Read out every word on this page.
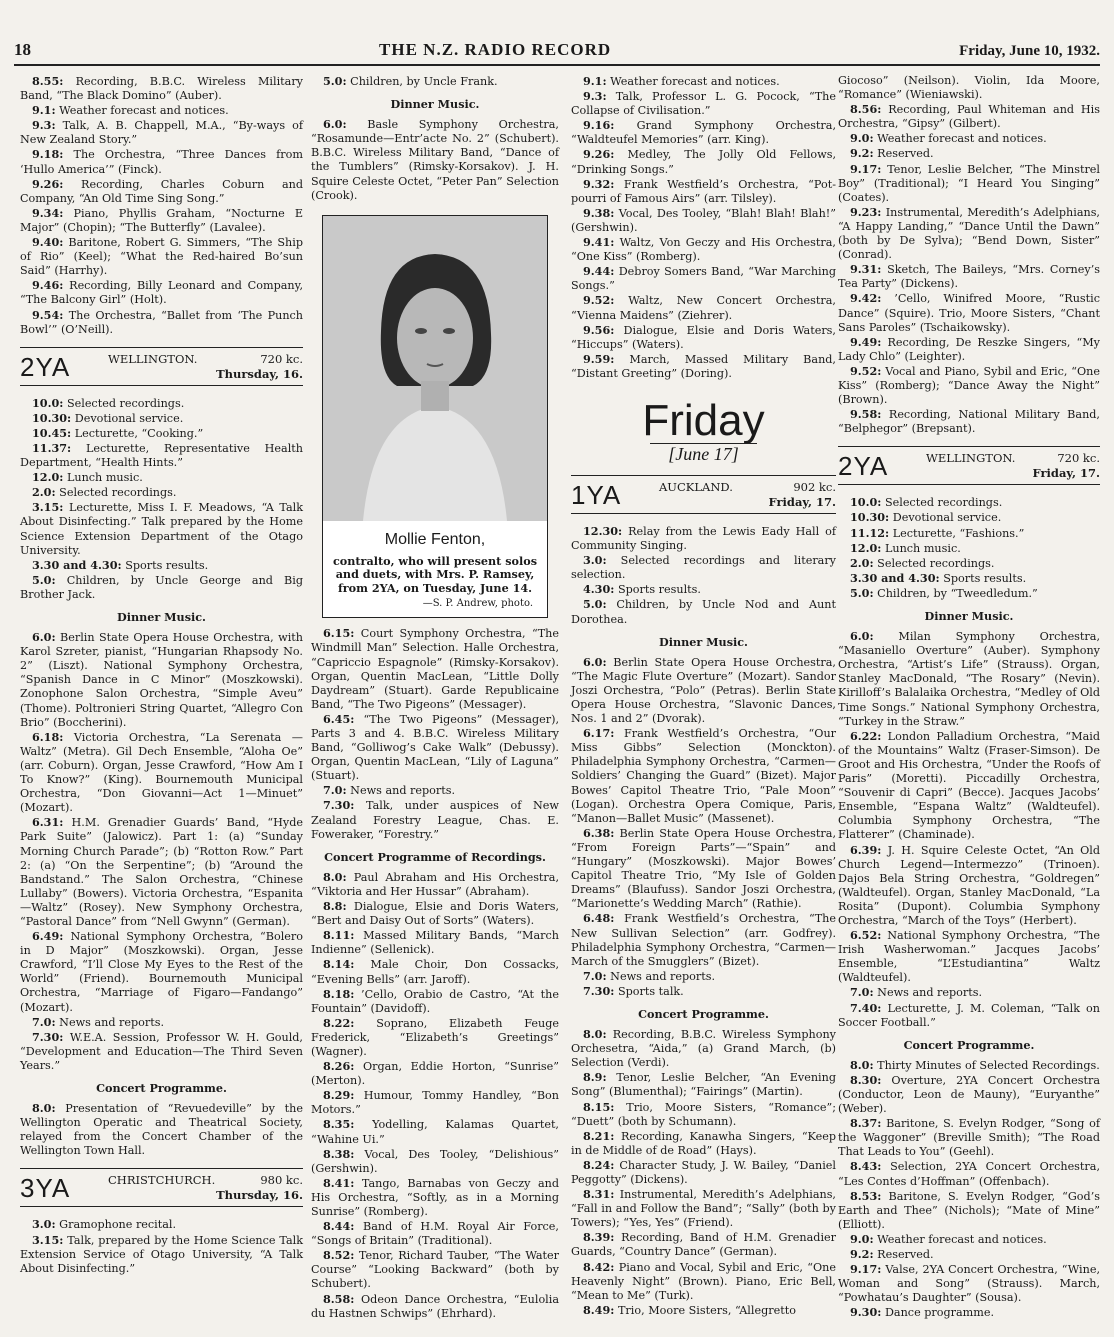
18	THE N.Z. RADIO RECORD	Friday, June 10, 1932.
8.55: Recording, B.B.C. Wireless Military Band, “The Black Domino” (Auber).
9.1: Weather forecast and notices.
9.3: Talk, A. B. Chappell, M.A., “By-ways of New Zealand Story.”
9.18: The Orchestra, “Three Dances from ‘Hullo America’” (Finck).
9.26: Recording, Charles Coburn and Company, “An Old Time Sing Song.”
9.34: Piano, Phyllis Graham, “Nocturne E Major” (Chopin); “The Butterfly” (Lavalee).
9.40: Baritone, Robert G. Simmers, “The Ship of Rio” (Keel); “What the Red-haired Bo’sun Said” (Harrhy).
9.46: Recording, Billy Leonard and Company, “The Balcony Girl” (Holt).
9.54: The Orchestra, “Ballet from ‘The Punch Bowl’” (O’Neill).
2YA	WELLINGTON.	720 kc.
Thursday, 16.
10.0: Selected recordings.
10.30: Devotional service.
10.45: Lecturette, “Cooking.”
11.37: Lecturette, Representative Health Department, “Health Hints.”
12.0: Lunch music.
2.0: Selected recordings.
3.15: Lecturette, Miss I. F. Meadows, “A Talk About Disinfecting.” Talk prepared by the Home Science Extension Department of the Otago University.
3.30 and 4.30: Sports results.
5.0: Children, by Uncle George and Big Brother Jack.
Dinner Music.
6.0: Berlin State Opera House Orchestra, with Karol Szreter, pianist, “Hungarian Rhapsody No. 2” (Liszt). National Symphony Orchestra, “Spanish Dance in C Minor” (Moszkowski). Zonophone Salon Orchestra, “Simple Aveu” (Thome). Poltronieri String Quartet, “Allegro Con Brio” (Boccherini).
6.18: Victoria Orchestra, “La Serenata —Waltz” (Metra). Gil Dech Ensemble, “Aloha Oe” (arr. Coburn). Organ, Jesse Crawford, “How Am I To Know?” (King). Bournemouth Municipal Orchestra, “Don Giovanni—Act 1—Minuet” (Mozart).
6.31: H.M. Grenadier Guards’ Band, “Hyde Park Suite” (Jalowicz). Part 1: (a) “Sunday Morning Church Parade”; (b) “Rotton Row.” Part 2: (a) “On the Serpentine”; (b) “Around the Bandstand.” The Salon Orchestra, “Chinese Lullaby” (Bowers). Victoria Orchestra, “Espanita—Waltz” (Rosey). New Symphony Orchestra, “Pastoral Dance” from “Nell Gwynn” (German).
6.49: National Symphony Orchestra, “Bolero in D Major” (Moszkowski). Organ, Jesse Crawford, “I’ll Close My Eyes to the Rest of the World” (Friend). Bournemouth Municipal Orchestra, “Marriage of Figaro—Fandango” (Mozart).
7.0: News and reports.
7.30: W.E.A. Session, Professor W. H. Gould, “Development and Education—The Third Seven Years.”
Concert Programme.
8.0: Presentation of “Revuedeville” by the Wellington Operatic and Theatrical Society, relayed from the Concert Chamber of the Wellington Town Hall.
3YA	CHRISTCHURCH.	980 kc.
Thursday, 16.
3.0: Gramophone recital.
3.15: Talk, prepared by the Home Science Talk Extension Service of Otago University, “A Talk About Disinfecting.”
5.0: Children, by Uncle Frank.
Dinner Music.
6.0: Basle Symphony Orchestra, “Rosamunde—Entr’acte No. 2” (Schubert). B.B.C. Wireless Military Band, “Dance of the Tumblers” (Rimsky-Korsakov). J. H. Squire Celeste Octet, “Peter Pan” Selection (Crook).
Mollie Fenton,
contralto, who will present solos and duets, with Mrs. P. Ramsey, from 2YA, on Tuesday, June 14.
—S. P. Andrew, photo.
6.15: Court Symphony Orchestra, “The Windmill Man” Selection. Halle Orchestra, “Capriccio Espagnole” (Rimsky-Korsakov). Organ, Quentin MacLean, “Little Dolly Daydream” (Stuart). Garde Republicaine Band, “The Two Pigeons” (Messager).
6.45: “The Two Pigeons” (Messager), Parts 3 and 4. B.B.C. Wireless Military Band, “Golliwog’s Cake Walk” (Debussy). Organ, Quentin MacLean, “Lily of Laguna” (Stuart).
7.0: News and reports.
7.30: Talk, under auspices of New Zealand Forestry League, Chas. E. Foweraker, “Forestry.”
Concert Programme of Recordings.
8.0: Paul Abraham and His Orchestra, “Viktoria and Her Hussar” (Abraham).
8.8: Dialogue, Elsie and Doris Waters, “Bert and Daisy Out of Sorts” (Waters).
8.11: Massed Military Bands, “March Indienne” (Sellenick).
8.14: Male Choir, Don Cossacks, “Evening Bells” (arr. Jaroff).
8.18: ’Cello, Orabio de Castro, “At the Fountain” (Davidoff).
8.22: Soprano, Elizabeth Feuge Frederick, “Elizabeth’s Greetings” (Wagner).
8.26: Organ, Eddie Horton, “Sunrise” (Merton).
8.29: Humour, Tommy Handley, “Bon Motors.”
8.35: Yodelling, Kalamas Quartet, “Wahine Ui.”
8.38: Vocal, Des Tooley, “Delishious” (Gershwin).
8.41: Tango, Barnabas von Geczy and His Orchestra, “Softly, as in a Morning Sunrise” (Romberg).
8.44: Band of H.M. Royal Air Force, “Songs of Britain” (Traditional).
8.52: Tenor, Richard Tauber, “The Water Course” “Looking Backward” (both by Schubert).
8.58: Odeon Dance Orchestra, “Eulolia du Hastnen Schwips” (Ehrhard).
9.1: Weather forecast and notices.
9.3: Talk, Professor L. G. Pocock, “The Collapse of Civilisation.”
9.16: Grand Symphony Orchestra, “Waldteufel Memories” (arr. King).
9.26: Medley, The Jolly Old Fellows, “Drinking Songs.”
9.32: Frank Westfield’s Orchestra, “Pot-pourri of Famous Airs” (arr. Tilsley).
9.38: Vocal, Des Tooley, “Blah! Blah! Blah!” (Gershwin).
9.41: Waltz, Von Geczy and His Orchestra, “One Kiss” (Romberg).
9.44: Debroy Somers Band, “War Marching Songs.”
9.52: Waltz, New Concert Orchestra, “Vienna Maidens” (Ziehrer).
9.56: Dialogue, Elsie and Doris Waters, “Hiccups” (Waters).
9.59: March, Massed Military Band, “Distant Greeting” (Doring).
Friday
[June 17]
1YA	AUCKLAND.	902 kc.
Friday, 17.
12.30: Relay from the Lewis Eady Hall of Community Singing.
3.0: Selected recordings and literary selection.
4.30: Sports results.
5.0: Children, by Uncle Nod and Aunt Dorothea.
Dinner Music.
6.0: Berlin State Opera House Orchestra, “The Magic Flute Overture” (Mozart). Sandor Joszi Orchestra, “Polo” (Petras). Berlin State Opera House Orchestra, “Slavonic Dances, Nos. 1 and 2” (Dvorak).
6.17: Frank Westfield’s Orchestra, “Our Miss Gibbs” Selection (Monckton). Philadelphia Symphony Orchestra, “Carmen—Soldiers’ Changing the Guard” (Bizet). Major Bowes’ Capitol Theatre Trio, “Pale Moon” (Logan). Orchestra Opera Comique, Paris, “Manon—Ballet Music” (Massenet).
6.38: Berlin State Opera House Orchestra, “From Foreign Parts”—“Spain” and “Hungary” (Moszkowski). Major Bowes’ Capitol Theatre Trio, “My Isle of Golden Dreams” (Blaufuss). Sandor Joszi Orchestra, “Marionette’s Wedding March” (Rathie).
6.48: Frank Westfield’s Orchestra, “The New Sullivan Selection” (arr. Godfrey). Philadelphia Symphony Orchestra, “Carmen—March of the Smugglers” (Bizet).
7.0: News and reports.
7.30: Sports talk.
Concert Programme.
8.0: Recording, B.B.C. Wireless Symphony Orchesetra, “Aida,” (a) Grand March, (b) Selection (Verdi).
8.9: Tenor, Leslie Belcher, “An Evening Song” (Blumenthal); “Fairings” (Martin).
8.15: Trio, Moore Sisters, “Romance”; “Duett” (both by Schumann).
8.21: Recording, Kanawha Singers, “Keep in de Middle of de Road” (Hays).
8.24: Character Study, J. W. Bailey, “Daniel Peggotty” (Dickens).
8.31: Instrumental, Meredith’s Adelphians, “Fall in and Follow the Band”; “Sally” (both by Towers); “Yes, Yes” (Friend).
8.39: Recording, Band of H.M. Grenadier Guards, “Country Dance” (German).
8.42: Piano and Vocal, Sybil and Eric, “One Heavenly Night” (Brown). Piano, Eric Bell, “Mean to Me” (Turk).
8.49: Trio, Moore Sisters, “Allegretto
Giocoso” (Neilson). Violin, Ida Moore, “Romance” (Wieniawski).
8.56: Recording, Paul Whiteman and His Orchestra, “Gipsy” (Gilbert).
9.0: Weather forecast and notices.
9.2: Reserved.
9.17: Tenor, Leslie Belcher, “The Minstrel Boy” (Traditional); “I Heard You Singing” (Coates).
9.23: Instrumental, Meredith’s Adelphians, “A Happy Landing,” “Dance Until the Dawn” (both by De Sylva); “Bend Down, Sister” (Conrad).
9.31: Sketch, The Baileys, “Mrs. Corney’s Tea Party” (Dickens).
9.42: ’Cello, Winifred Moore, “Rustic Dance” (Squire). Trio, Moore Sisters, “Chant Sans Paroles” (Tschaikowsky).
9.49: Recording, De Reszke Singers, “My Lady Chlo” (Leighter).
9.52: Vocal and Piano, Sybil and Eric, “One Kiss” (Romberg); “Dance Away the Night” (Brown).
9.58: Recording, National Military Band, “Belphegor” (Brepsant).
2YA	WELLINGTON.	720 kc.
Friday, 17.
10.0: Selected recordings.
10.30: Devotional service.
11.12: Lecturette, “Fashions.”
12.0: Lunch music.
2.0: Selected recordings.
3.30 and 4.30: Sports results.
5.0: Children, by “Tweedledum.”
Dinner Music.
6.0: Milan Symphony Orchestra, “Masaniello Overture” (Auber). Symphony Orchestra, “Artist’s Life” (Strauss). Organ, Stanley MacDonald, “The Rosary” (Nevin). Kirilloff’s Balalaika Orchestra, “Medley of Old Time Songs.” National Symphony Orchestra, “Turkey in the Straw.”
6.22: London Palladium Orchestra, “Maid of the Mountains” Waltz (Fraser-Simson). De Groot and His Orchestra, “Under the Roofs of Paris” (Moretti). Piccadilly Orchestra, “Souvenir di Capri” (Becce). Jacques Jacobs’ Ensemble, “Espana Waltz” (Waldteufel). Columbia Symphony Orchestra, “The Flatterer” (Chaminade).
6.39: J. H. Squire Celeste Octet, “An Old Church Legend—Intermezzo” (Trinoen). Dajos Bela String Orchestra, “Goldregen” (Waldteufel). Organ, Stanley MacDonald, “La Rosita” (Dupont). Columbia Symphony Orchestra, “March of the Toys” (Herbert).
6.52: National Symphony Orchestra, “The Irish Washerwoman.” Jacques Jacobs’ Ensemble, “L’Estudiantina” Waltz (Waldteufel).
7.0: News and reports.
7.40: Lecturette, J. M. Coleman, “Talk on Soccer Football.”
Concert Programme.
8.0: Thirty Minutes of Selected Recordings.
8.30: Overture, 2YA Concert Orchestra (Conductor, Leon de Mauny), “Euryanthe” (Weber).
8.37: Baritone, S. Evelyn Rodger, “Song of the Waggoner” (Breville Smith); “The Road That Leads to You” (Geehl).
8.43: Selection, 2YA Concert Orchestra, “Les Contes d’Hoffman” (Offenbach).
8.53: Baritone, S. Evelyn Rodger, “God’s Earth and Thee” (Nichols); “Mate of Mine” (Elliott).
9.0: Weather forecast and notices.
9.2: Reserved.
9.17: Valse, 2YA Concert Orchestra, “Wine, Woman and Song” (Strauss). March, “Powhatau’s Daughter” (Sousa).
9.30: Dance programme.
